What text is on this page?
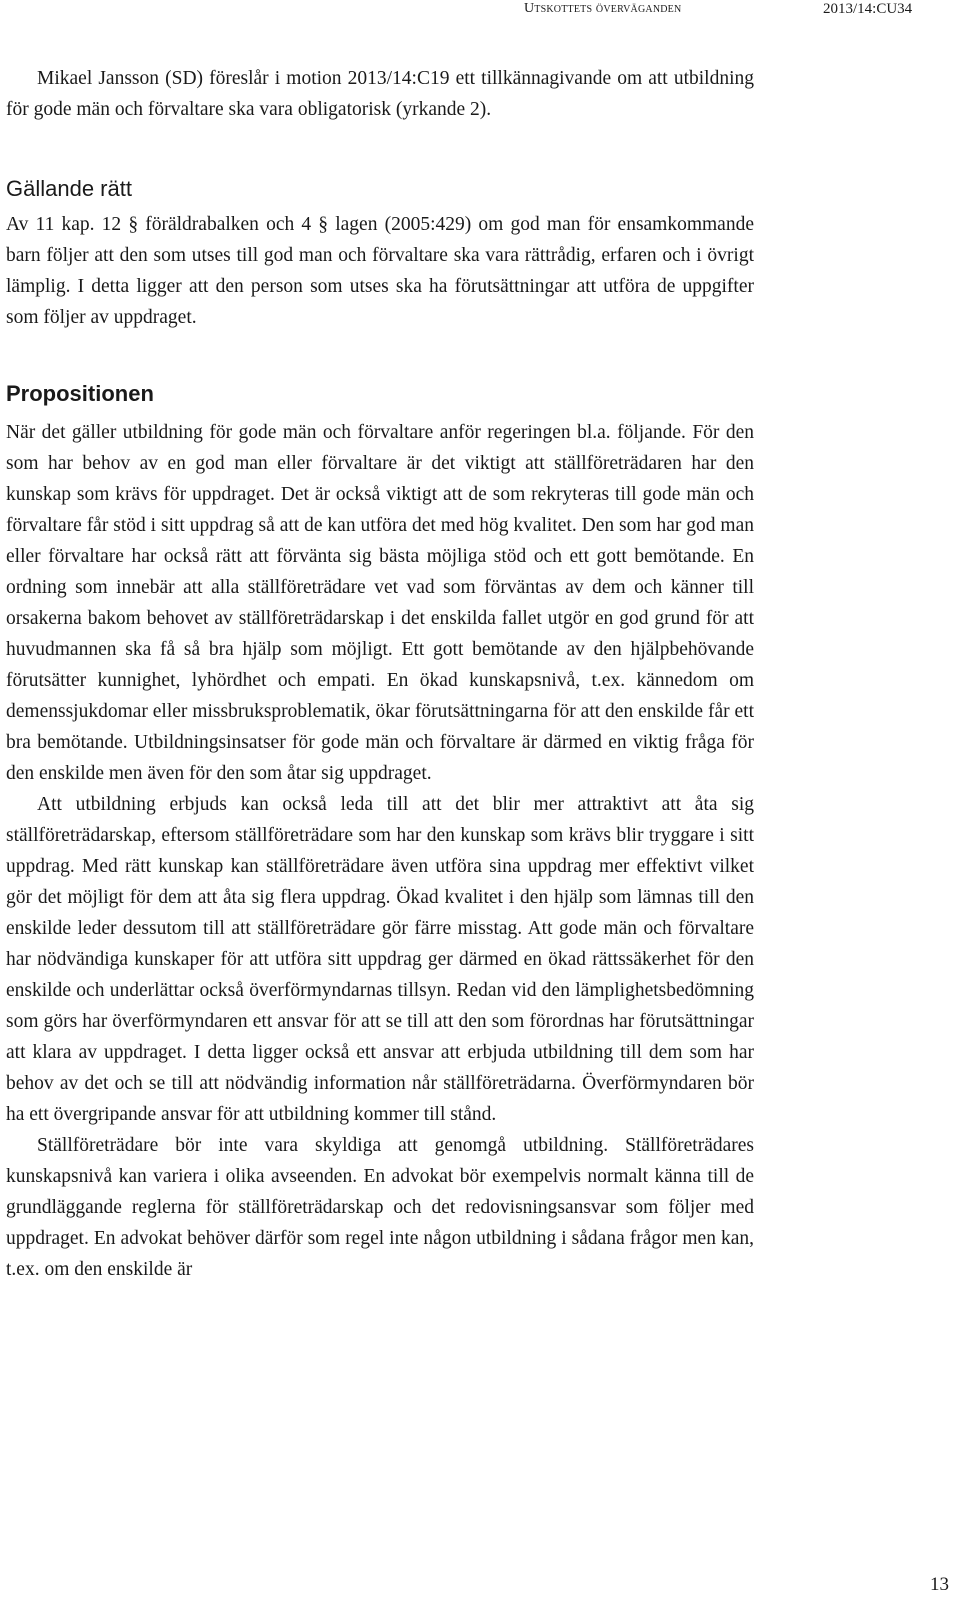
Utskottets överväganden	2013/14:CU34

Mikael Jansson (SD) föreslår i motion 2013/14:C19 ett tillkännagivande om att utbildning för gode män och förvaltare ska vara obligatorisk (yrkande 2).

Gällande rätt

Av 11 kap. 12 § föräldrabalken och 4 § lagen (2005:429) om god man för ensamkommande barn följer att den som utses till god man och förvaltare ska vara rättrådig, erfaren och i övrigt lämplig. I detta ligger att den person som utses ska ha förutsättningar att utföra de uppgifter som följer av uppdraget.

Propositionen

När det gäller utbildning för gode män och förvaltare anför regeringen bl.a. följande. För den som har behov av en god man eller förvaltare är det viktigt att ställföreträdaren har den kunskap som krävs för uppdraget. Det är också viktigt att de som rekryteras till gode män och förvaltare får stöd i sitt uppdrag så att de kan utföra det med hög kvalitet. Den som har god man eller förvaltare har också rätt att förvänta sig bästa möjliga stöd och ett gott bemötande. En ordning som innebär att alla ställföreträdare vet vad som förväntas av dem och känner till orsakerna bakom behovet av ställföreträdarskap i det enskilda fallet utgör en god grund för att huvudmannen ska få så bra hjälp som möjligt. Ett gott bemötande av den hjälpbehövande förutsätter kunnighet, lyhördhet och empati. En ökad kunskapsnivå, t.ex. kännedom om demenssjukdomar eller missbruksproblematik, ökar förutsättningarna för att den enskilde får ett bra bemötande. Utbildningsinsatser för gode män och förvaltare är därmed en viktig fråga för den enskilde men även för den som åtar sig uppdraget.

Att utbildning erbjuds kan också leda till att det blir mer attraktivt att åta sig ställföreträdarskap, eftersom ställföreträdare som har den kunskap som krävs blir tryggare i sitt uppdrag. Med rätt kunskap kan ställföreträdare även utföra sina uppdrag mer effektivt vilket gör det möjligt för dem att åta sig flera uppdrag. Ökad kvalitet i den hjälp som lämnas till den enskilde leder dessutom till att ställföreträdare gör färre misstag. Att gode män och förvaltare har nödvändiga kunskaper för att utföra sitt uppdrag ger därmed en ökad rättssäkerhet för den enskilde och underlättar också överförmyndarnas tillsyn. Redan vid den lämplighetsbedömning som görs har överförmyndaren ett ansvar för att se till att den som förordnas har förutsättningar att klara av uppdraget. I detta ligger också ett ansvar att erbjuda utbildning till dem som har behov av det och se till att nödvändig information når ställföreträdarna. Överförmyndaren bör ha ett övergripande ansvar för att utbildning kommer till stånd.

Ställföreträdare bör inte vara skyldiga att genomgå utbildning. Ställföreträdares kunskapsnivå kan variera i olika avseenden. En advokat bör exempelvis normalt känna till de grundläggande reglerna för ställföreträdarskap och det redovisningsansvar som följer med uppdraget. En advokat behöver därför som regel inte någon utbildning i sådana frågor men kan, t.ex. om den enskilde är

13
